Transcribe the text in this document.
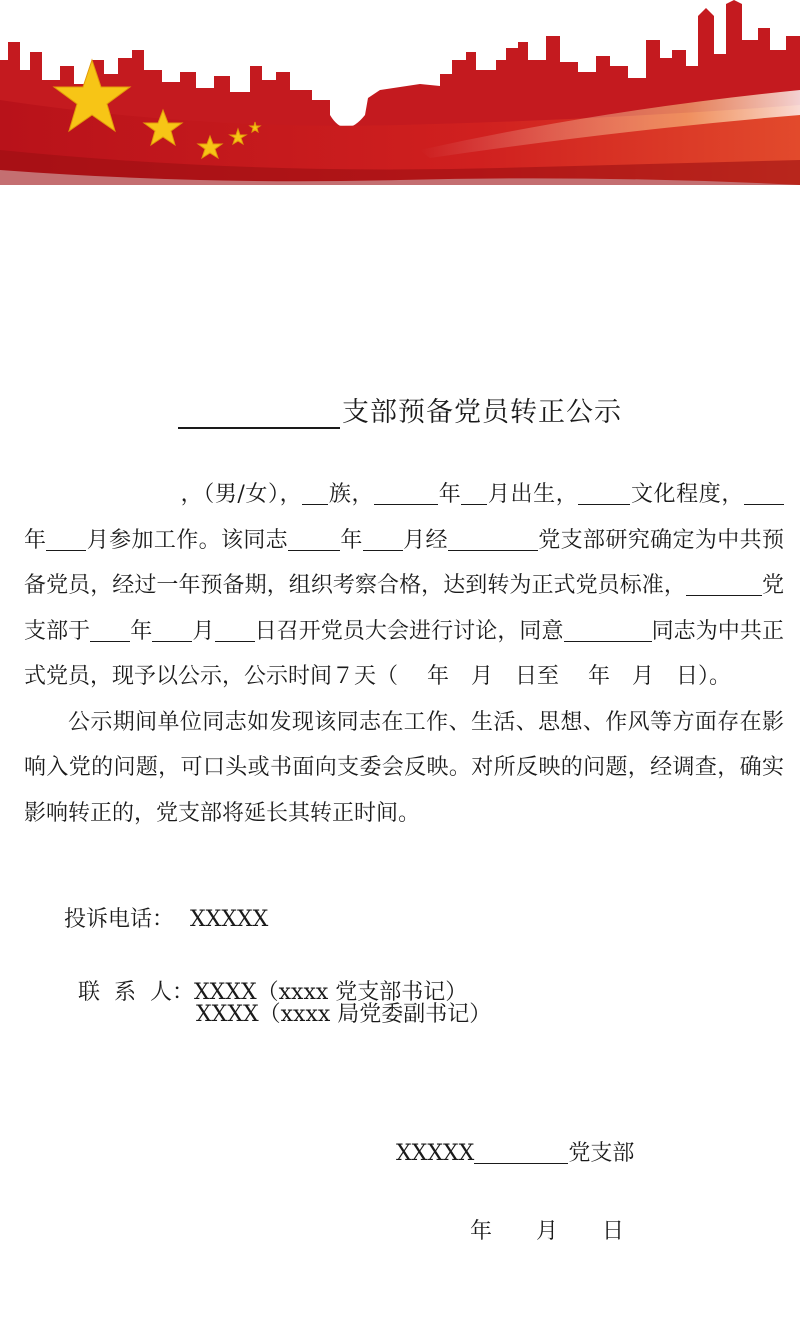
支部预备党员转正公示

，（男/女）， 族，	年 月出生， 文化程度，年 月参加工作。该同志 年 月经	党支部研究确定为中共预备党员，经过一年预备期，组织考察合格，达到转为正式党员标准，	党支部于 年 月 日召开党员大会进行讨论，同意	同志为中共正式党员，现予以公示，公示时间７天（　 年　月　日至　 年　月　日）。

公示期间单位同志如发现该同志在工作、生活、思想、作风等方面存在影响入党的问题，可口头或书面向支委会反映。对所反映的问题，经调查，确实影响转正的，党支部将延长其转正时间。

投诉电话： XXXXX

联  系  人：XXXX（xxxx 党支部书记）

XXXX（xxxx 局党委副书记）
XXXXX	党支部
年　　月　　日
